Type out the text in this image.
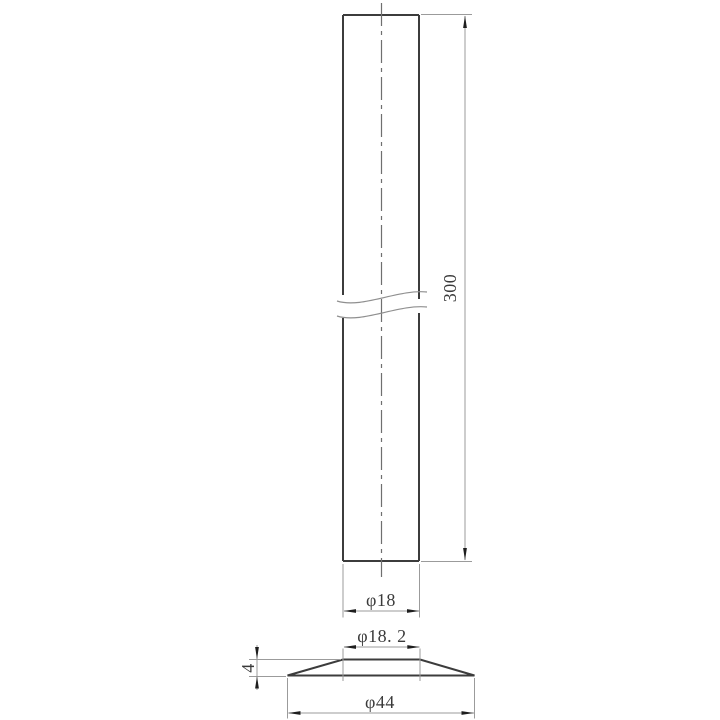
300
φ18
φ18. 2
4
φ44
